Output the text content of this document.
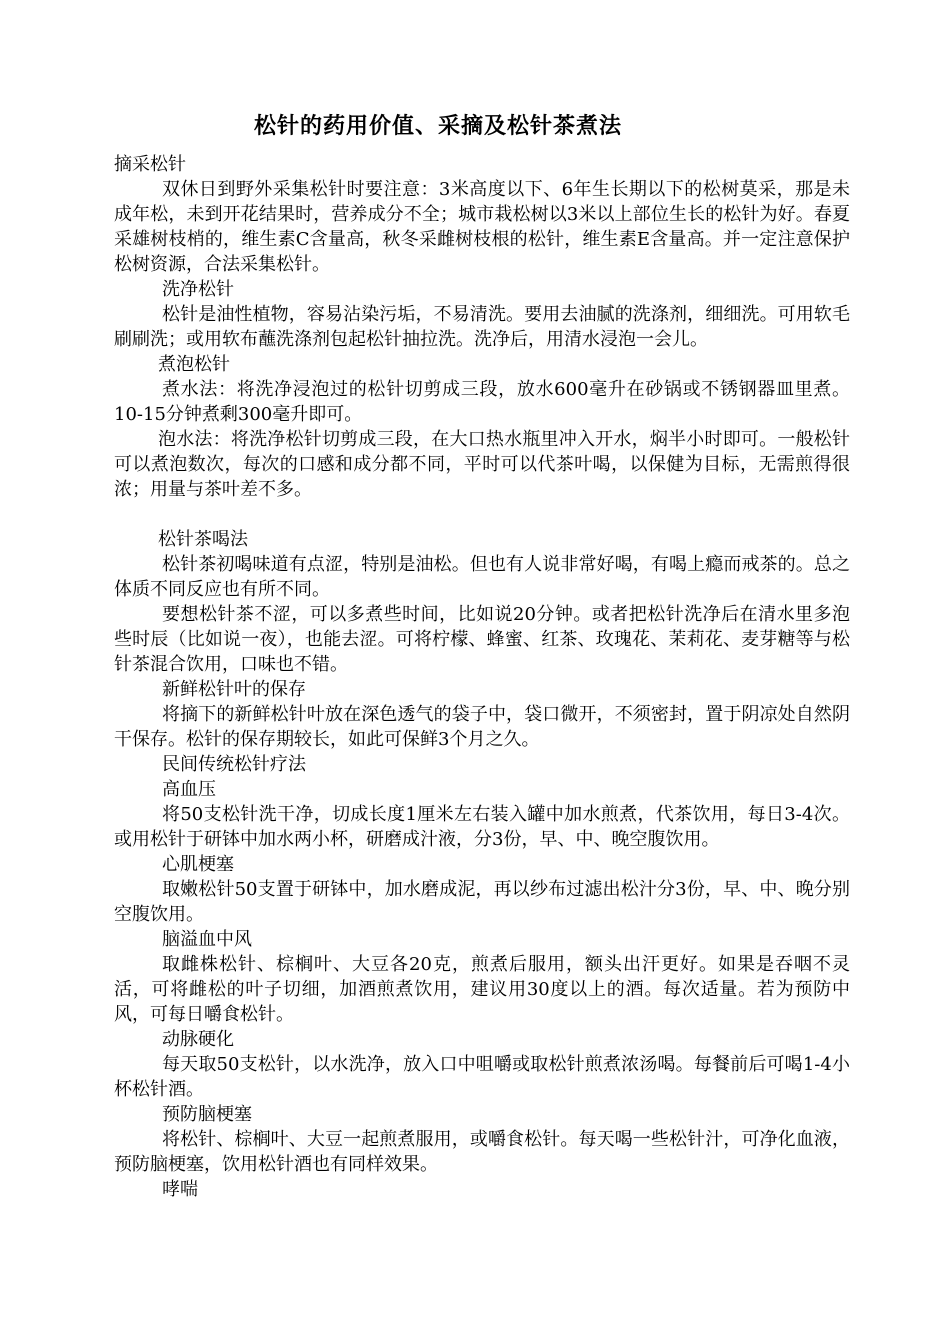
松针的药用价值、采摘及松针茶煮法

摘采松针

双休日到野外采集松针时要注意：3米高度以下、6年生长期以下的松树莫采，那是未成年松，未到开花结果时，营养成分不全；城市栽松树以3米以上部位生长的松针为好。春夏采雄树枝梢的，维生素C含量高，秋冬采雌树枝根的松针，维生素E含量高。并一定注意保护松树资源，合法采集松针。

洗净松针

松针是油性植物，容易沾染污垢，不易清洗。要用去油腻的洗涤剂，细细洗。可用软毛刷刷洗；或用软布蘸洗涤剂包起松针抽拉洗。洗净后，用清水浸泡一会儿。

煮泡松针

煮水法：将洗净浸泡过的松针切剪成三段，放水600毫升在砂锅或不锈钢器皿里煮。10-15分钟煮剩300毫升即可。

泡水法：将洗净松针切剪成三段，在大口热水瓶里冲入开水，焖半小时即可。一般松针可以煮泡数次，每次的口感和成分都不同，平时可以代茶叶喝，以保健为目标，无需煎得很浓；用量与茶叶差不多。

松针茶喝法

松针茶初喝味道有点涩，特别是油松。但也有人说非常好喝，有喝上瘾而戒茶的。总之体质不同反应也有所不同。

要想松针茶不涩，可以多煮些时间，比如说20分钟。或者把松针洗净后在清水里多泡些时辰（比如说一夜），也能去涩。可将柠檬、蜂蜜、红茶、玫瑰花、茉莉花、麦芽糖等与松针茶混合饮用，口味也不错。

新鲜松针叶的保存

将摘下的新鲜松针叶放在深色透气的袋子中，袋口微开，不须密封，置于阴凉处自然阴干保存。松针的保存期较长，如此可保鲜3个月之久。

民间传统松针疗法

高血压

将50支松针洗干净，切成长度1厘米左右装入罐中加水煎煮，代茶饮用，每日3-4次。或用松针于研钵中加水两小杯，研磨成汁液，分3份，早、中、晚空腹饮用。

心肌梗塞

取嫩松针50支置于研钵中，加水磨成泥，再以纱布过滤出松汁分3份，早、中、晚分别空腹饮用。

脑溢血中风

取雌株松针、棕榈叶、大豆各20克，煎煮后服用，额头出汗更好。如果是吞咽不灵活，可将雌松的叶子切细，加酒煎煮饮用，建议用30度以上的酒。每次适量。若为预防中风，可每日嚼食松针。

动脉硬化

每天取50支松针，以水洗净，放入口中咀嚼或取松针煎煮浓汤喝。每餐前后可喝1-4小杯松针酒。

预防脑梗塞

将松针、棕榈叶、大豆一起煎煮服用，或嚼食松针。每天喝一些松针汁，可净化血液，预防脑梗塞，饮用松针酒也有同样效果。

哮喘
